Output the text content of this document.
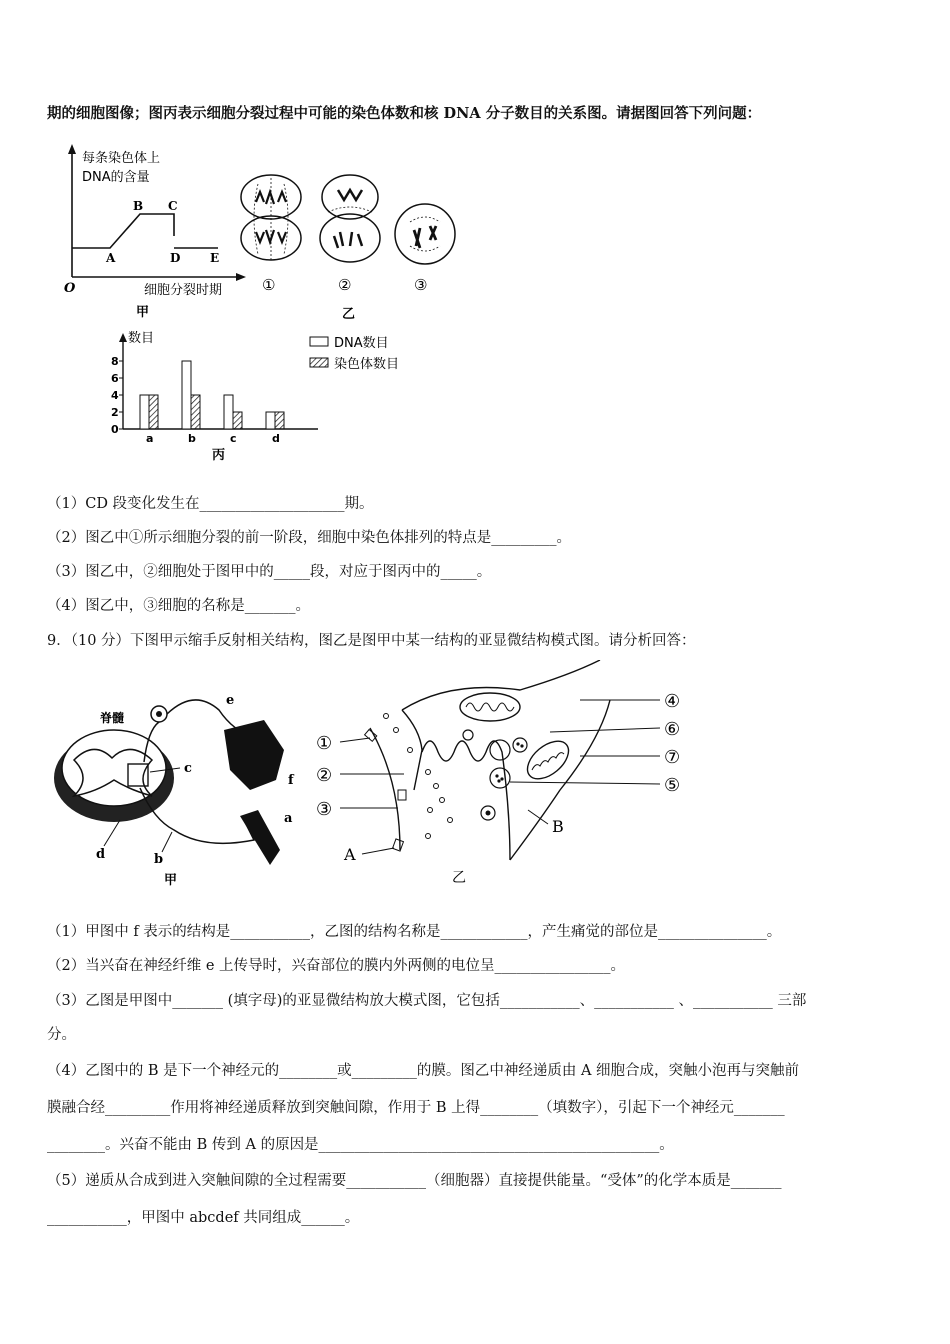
期的细胞图像；图丙表示细胞分裂过程中可能的染色体数和核 DNA 分子数目的关系图。请据图回答下列问题：
每条染色体上
DNA的含量
O
A
B C
D E
细胞分裂时期
甲
①	②	③
乙
数目
0
2
4
6
8
a	b	c	d
DNA数目
染色体数目
丙
（1）CD 段变化发生在____________________期。
（2）图乙中①所示细胞分裂的前一阶段，细胞中染色体排列的特点是_________。
（3）图乙中，②细胞处于图甲中的_____段，对应于图丙中的_____。
（4）图乙中，③细胞的名称是_______。
9．（10 分）下图甲示缩手反射相关结构，图乙是图甲中某一结构的亚显微结构模式图。请分析回答：
脊髓
e
c
f
a
d	b
甲
①
②
③
A
④
⑥
⑦
⑤
B
乙
（1）甲图中 f 表示的结构是___________，乙图的结构名称是____________，产生痛觉的部位是_______________。
（2）当兴奋在神经纤维 e 上传导时，兴奋部位的膜内外两侧的电位呈________________。
（3）乙图是甲图中_______ (填字母)的亚显微结构放大模式图，它包括___________、___________ 、___________ 三部
分。
（4）乙图中的 B 是下一个神经元的________或_________的膜。图乙中神经递质由 A 细胞合成，突触小泡再与突触前
膜融合经_________作用将神经递质释放到突触间隙，作用于 B 上得________（填数字），引起下一个神经元_______
________。兴奋不能由 B 传到 A 的原因是_______________________________________________。
（5）递质从合成到进入突触间隙的全过程需要___________（细胞器）直接提供能量。“受体”的化学本质是_______
___________，甲图中 abcdef 共同组成______。
